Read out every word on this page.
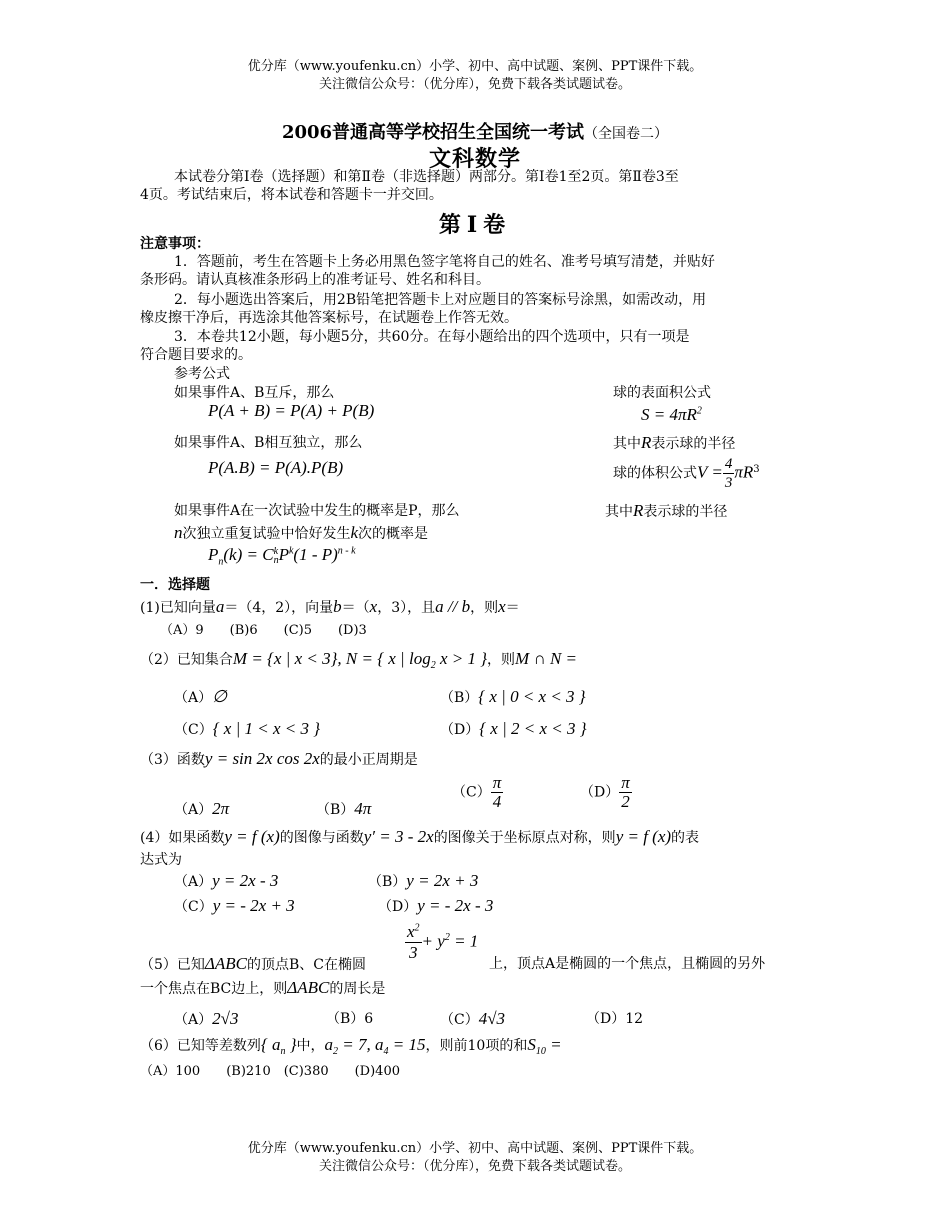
优分库（www.youfenku.cn）小学、初中、高中试题、案例、PPT课件下载。
关注微信公众号：（优分库），免费下载各类试题试卷。
2006普通高等学校招生全国统一考试（全国卷二）
文科数学
本试卷分第Ⅰ卷（选择题）和第Ⅱ卷（非选择题）两部分。第Ⅰ卷1至2页。第Ⅱ卷3至
4页。考试结束后，将本试卷和答题卡一并交回。
第Ⅰ卷
注意事项：
1．答题前，考生在答题卡上务必用黑色签字笔将自己的姓名、准考号填写清楚，并贴好
条形码。请认真核准条形码上的准考证号、姓名和科目。
2．每小题选出答案后，用2B铅笔把答题卡上对应题目的答案标号涂黑，如需改动，用
橡皮擦干净后，再选涂其他答案标号，在试题卷上作答无效。
3．本卷共12小题，每小题5分，共60分。在每小题给出的四个选项中，只有一项是
符合题目要求的。
参考公式
如果事件A、B互斥，那么
P(A + B) = P(A) + P(B)
如果事件A、B相互独立，那么
P(A.B) = P(A).P(B)
如果事件A在一次试验中发生的概率是P，那么
n次独立重复试验中恰好发生k次的概率是
$P_n(k) = C$ k
n $P^k(1 - P)^{n - k}$
球的表面积公式
$S = 4\pi R^2$
其中R表示球的半径
球的体积公式$V = \frac{4}{3} \pi R^3$
其中R表示球的半径
一．选择题
(1)已知向量a＝（4，2），向量b＝（x，3），且a // b，则x＝
（A）9　　(B)6　　(C)5　　(D)3
（2）已知集合M = {x | x < 3}, N = { x | $\log_2 x > 1$ }，则M ∩ N =
（A）∅	（B）{ x | 0 < x < 3 }
（C）{ x | 1 < x < 3 }	（D）{ x | 2 < x < 3 }
（3）函数y = sin 2x cos 2x的最小正周期是
（A）2π	（B）4π
$(C) \frac{\pi}{4}$	$(D) \frac{\pi}{2}$
(4）如果函数y = f (x)的图像与函数y′ = 3 - 2x的图像关于坐标原点对称，则y = f (x)的表
达式为
（A）y = 2x - 3	（B）y = 2x + 3
（C）y = - 2x + 3	（D）y = - 2x - 3
（5）已知ΔABC的顶点B、C在椭圆
$\frac{x^2}{3} + y^2 = 1$
上，顶点A是椭圆的一个焦点，且椭圆的另外
一个焦点在BC边上，则ΔABC的周长是
（A）2√3	（B）6	（C）4√3	（D）12
（6）已知等差数列{ $a_n$ }中，$a_2 = 7$, $a_4 = 15$，则前10项的和$S_{10}$ =
（A）100　　(B)210　(C)380　　(D)400
优分库（www.youfenku.cn）小学、初中、高中试题、案例、PPT课件下载。
关注微信公众号：（优分库），免费下载各类试题试卷。
